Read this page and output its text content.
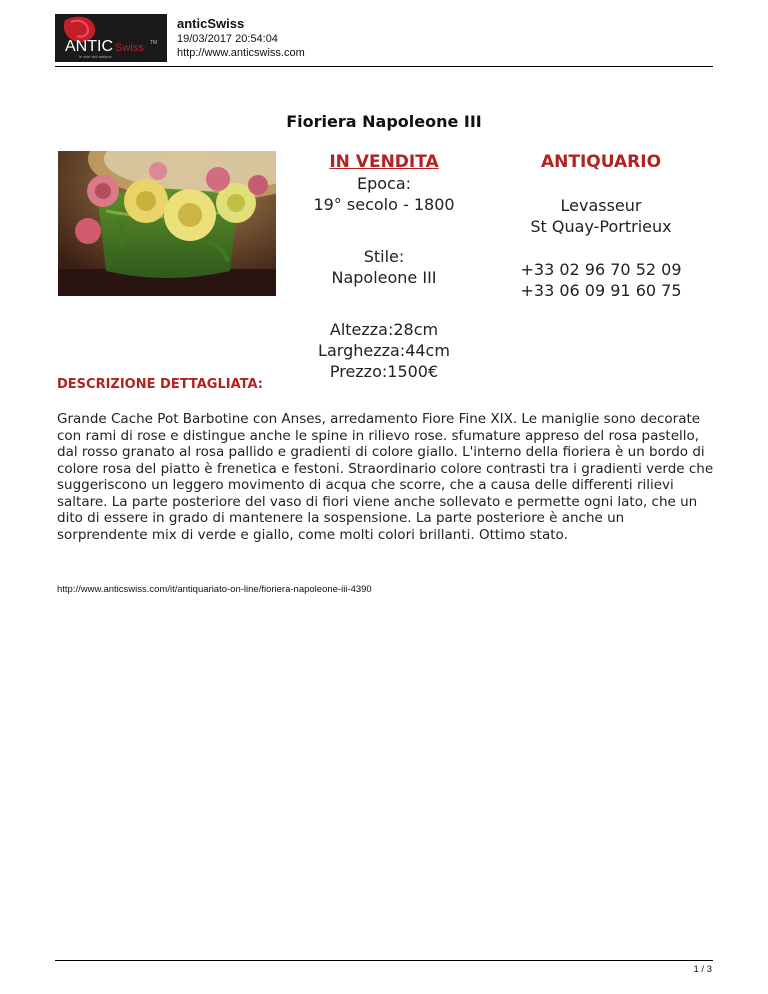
ANTIC Swiss TM
le arte dell antique
anticSwiss
19/03/2017 20:54:04
http://www.anticswiss.com
Fioriera Napoleone III
IN VENDITA
Epoca:
19° secolo - 1800
Stile:
Napoleone III
Altezza:28cm
Larghezza:44cm
Prezzo:1500€
ANTIQUARIO
Levasseur
St Quay-Portrieux
+33 02 96 70 52 09
+33 06 09 91 60 75
DESCRIZIONE DETTAGLIATA:
Grande Cache Pot Barbotine con Anses, arredamento Fiore Fine XIX. Le maniglie sono decorate con rami di rose e distingue anche le spine in rilievo rose. sfumature appreso del rosa pastello, dal rosso granato al rosa pallido e gradienti di colore giallo. L'interno della fioriera è un bordo di colore rosa del piatto è frenetica e festoni. Straordinario colore contrasti tra i gradienti verde che suggeriscono un leggero movimento di acqua che scorre, che a causa delle differenti rilievi saltare. La parte posteriore del vaso di fiori viene anche sollevato e permette ogni lato, che un dito di essere in grado di mantenere la sospensione. La parte posteriore è anche un sorprendente mix di verde e giallo, come molti colori brillanti. Ottimo stato.
http://www.anticswiss.com/it/antiquariato-on-line/fioriera-napoleone-iii-4390
1 / 3
